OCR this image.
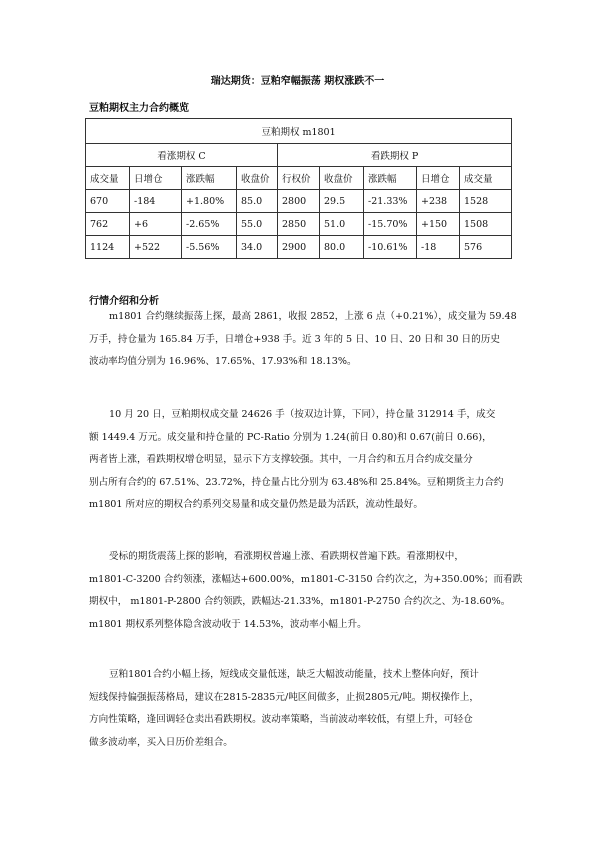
瑞达期货：豆粕窄幅振荡 期权涨跌不一
豆粕期权主力合约概览
豆粕期权 m1801								
看涨期权 C				看跌期权 P				
成交量	日增仓	涨跌幅	收盘价	行权价	收盘价	涨跌幅	日增仓	成交量
670	-184	+1.80%	85.0	2800	29.5	-21.33%	+238	1528
762	+6	-2.65%	55.0	2850	51.0	-15.70%	+150	1508
1124	+522	-5.56%	34.0	2900	80.0	-10.61%	-18	576
行情介绍和分析
m1801 合约继续振荡上探，最高 2861，收报 2852，上涨 6 点（+0.21%），成交量为 59.48
万手，持仓量为 165.84 万手，日增仓+938 手。近 3 年的 5 日、10 日、20 日和 30 日的历史
波动率均值分别为 16.96%、17.65%、17.93%和 18.13%。
10 月 20 日，豆粕期权成交量 24626 手（按双边计算，下同），持仓量 312914 手，成交
额 1449.4 万元。成交量和持仓量的 PC-Ratio 分别为 1.24(前日 0.80)和 0.67(前日 0.66)，
两者皆上涨，看跌期权增仓明显，显示下方支撑较强。其中，一月合约和五月合约成交量分
别占所有合约的 67.51%、23.72%，持仓量占比分别为 63.48%和 25.84%。豆粕期货主力合约
m1801 所对应的期权合约系列交易量和成交量仍然是最为活跃，流动性最好。
受标的期货震荡上探的影响，看涨期权普遍上涨、看跌期权普遍下跌。看涨期权中，
m1801-C-3200 合约领涨，涨幅达+600.00%，m1801-C-3150 合约次之，为+350.00%；而看跌
期权中， m1801-P-2800 合约领跌，跌幅达-21.33%，m1801-P-2750 合约次之、为-18.60%。
m1801 期权系列整体隐含波动收于 14.53%，波动率小幅上升。
豆粕1801合约小幅上扬，短线成交量低迷，缺乏大幅波动能量，技术上整体向好，预计
短线保持偏强振荡格局，建议在2815-2835元/吨区间做多，止损2805元/吨。期权操作上，
方向性策略，逢回调轻仓卖出看跌期权。波动率策略，当前波动率较低，有望上升，可轻仓
做多波动率，买入日历价差组合。
